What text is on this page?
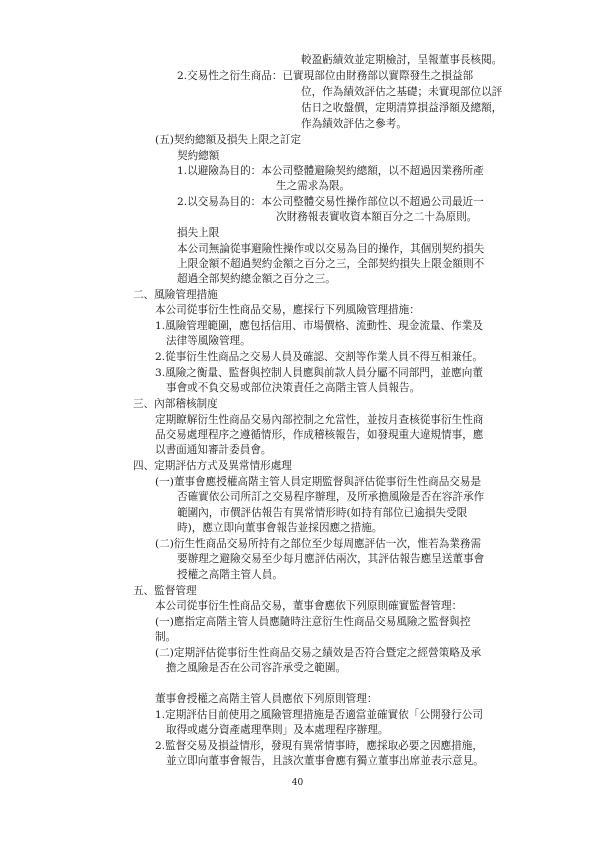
較盈虧績效並定期檢討，呈報董事長核閱。
2.交易性之衍生商品：已實現部位由財務部以實際發生之損益部
位，作為績效評估之基礎；未實現部位以評
估日之收盤價，定期清算損益淨額及總額，
作為績效評估之參考。
(五)契約總額及損失上限之訂定
契約總額
1.以避險為目的：本公司整體避險契約總額，以不超過因業務所產
生之需求為限。
2.以交易為目的：本公司整體交易性操作部位以不超過公司最近一
次財務報表實收資本額百分之二十為原則。
損失上限
本公司無論從事避險性操作或以交易為目的操作，其個別契約損失
上限金額不超過契約金額之百分之三，全部契約損失上限金額則不
超過全部契約總金額之百分之三。
二、風險管理措施
本公司從事衍生性商品交易，應採行下列風險管理措施：
1.風險管理範圍，應包括信用、市場價格、流動性、現金流量、作業及
法律等風險管理。
2.從事衍生性商品之交易人員及確認、交割等作業人員不得互相兼任。
3.風險之衡量、監督與控制人員應與前款人員分屬不同部門，並應向董
事會或不負交易或部位決策責任之高階主管人員報告。
三、內部稽核制度
定期瞭解衍生性商品交易內部控制之允當性，並按月查核從事衍生性商
品交易處理程序之遵循情形，作成稽核報告，如發現重大違規情事，應
以書面通知審計委員會。
四、定期評估方式及異常情形處理
(一)董事會應授權高階主管人員定期監督與評估從事衍生性商品交易是
否確實依公司所訂之交易程序辦理，及所承擔風險是否在容許承作
範圍內，市價評估報告有異常情形時(如持有部位已逾損失受限
時)，應立即向董事會報告並採因應之措施。
(二)衍生性商品交易所持有之部位至少每周應評估一次，惟若為業務需
要辦理之避險交易至少每月應評估兩次，其評估報告應呈送董事會
授權之高階主管人員。
五、監督管理
本公司從事衍生性商品交易，董事會應依下列原則確實監督管理：
(一)應指定高階主管人員應隨時注意衍生性商品交易風險之監督與控
制。
(二)定期評估從事衍生性商品交易之績效是否符合暨定之經營策略及承
擔之風險是否在公司容許承受之範圍。
董事會授權之高階主管人員應依下列原則管理：
1.定期評估目前使用之風險管理措施是否適當並確實依「公開發行公司
取得或處分資產處理準則」及本處理程序辦理。
2.監督交易及損益情形，發現有異常情事時，應採取必要之因應措施，
並立即向董事會報告，且該次董事會應有獨立董事出席並表示意見。
40
